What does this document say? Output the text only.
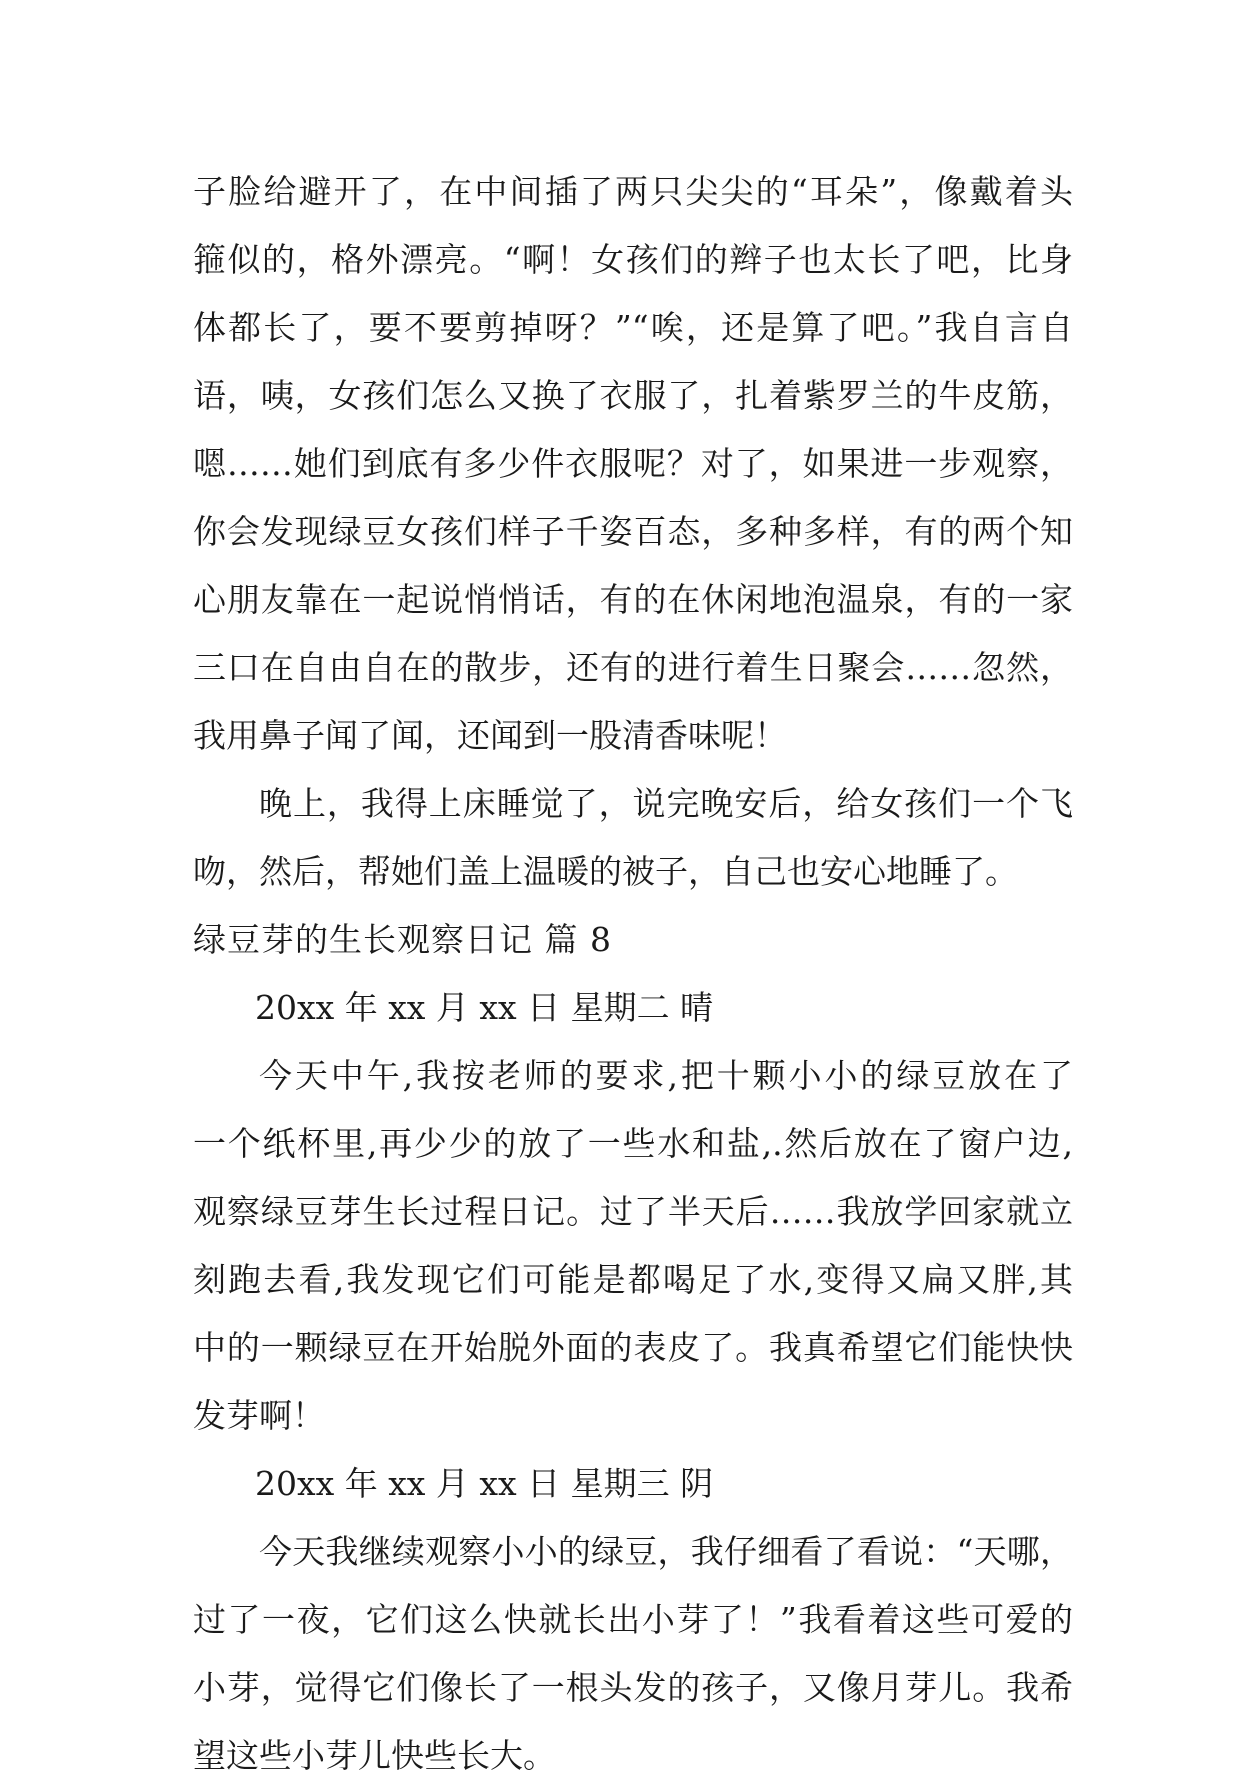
子脸给避开了，在中间插了两只尖尖的“耳朵”，像戴着头
箍似的，格外漂亮。“啊！女孩们的辫子也太长了吧，比身
体都长了，要不要剪掉呀？”“唉，还是算了吧。”我自言自
语，咦，女孩们怎么又换了衣服了，扎着紫罗兰的牛皮筋，
嗯……她们到底有多少件衣服呢？对了，如果进一步观察，
你会发现绿豆女孩们样子千姿百态，多种多样，有的两个知
心朋友靠在一起说悄悄话，有的在休闲地泡温泉，有的一家
三口在自由自在的散步，还有的进行着生日聚会……忽然，
我用鼻子闻了闻，还闻到一股清香味呢！
晚上，我得上床睡觉了，说完晚安后，给女孩们一个飞
吻，然后，帮她们盖上温暖的被子，自己也安心地睡了。
绿豆芽的生长观察日记 篇 8
20xx 年 xx 月 xx 日 星期二 晴
今天中午,我按老师的要求,把十颗小小的绿豆放在了
一个纸杯里,再少少的放了一些水和盐,.然后放在了窗户边,
观察绿豆芽生长过程日记。过了半天后……我放学回家就立
刻跑去看,我发现它们可能是都喝足了水,变得又扁又胖,其
中的一颗绿豆在开始脱外面的表皮了。我真希望它们能快快
发芽啊！
20xx 年 xx 月 xx 日 星期三 阴
今天我继续观察小小的绿豆，我仔细看了看说：“天哪，
过了一夜，它们这么快就长出小芽了！”我看着这些可爱的
小芽，觉得它们像长了一根头发的孩子，又像月芽儿。我希
望这些小芽儿快些长大。
